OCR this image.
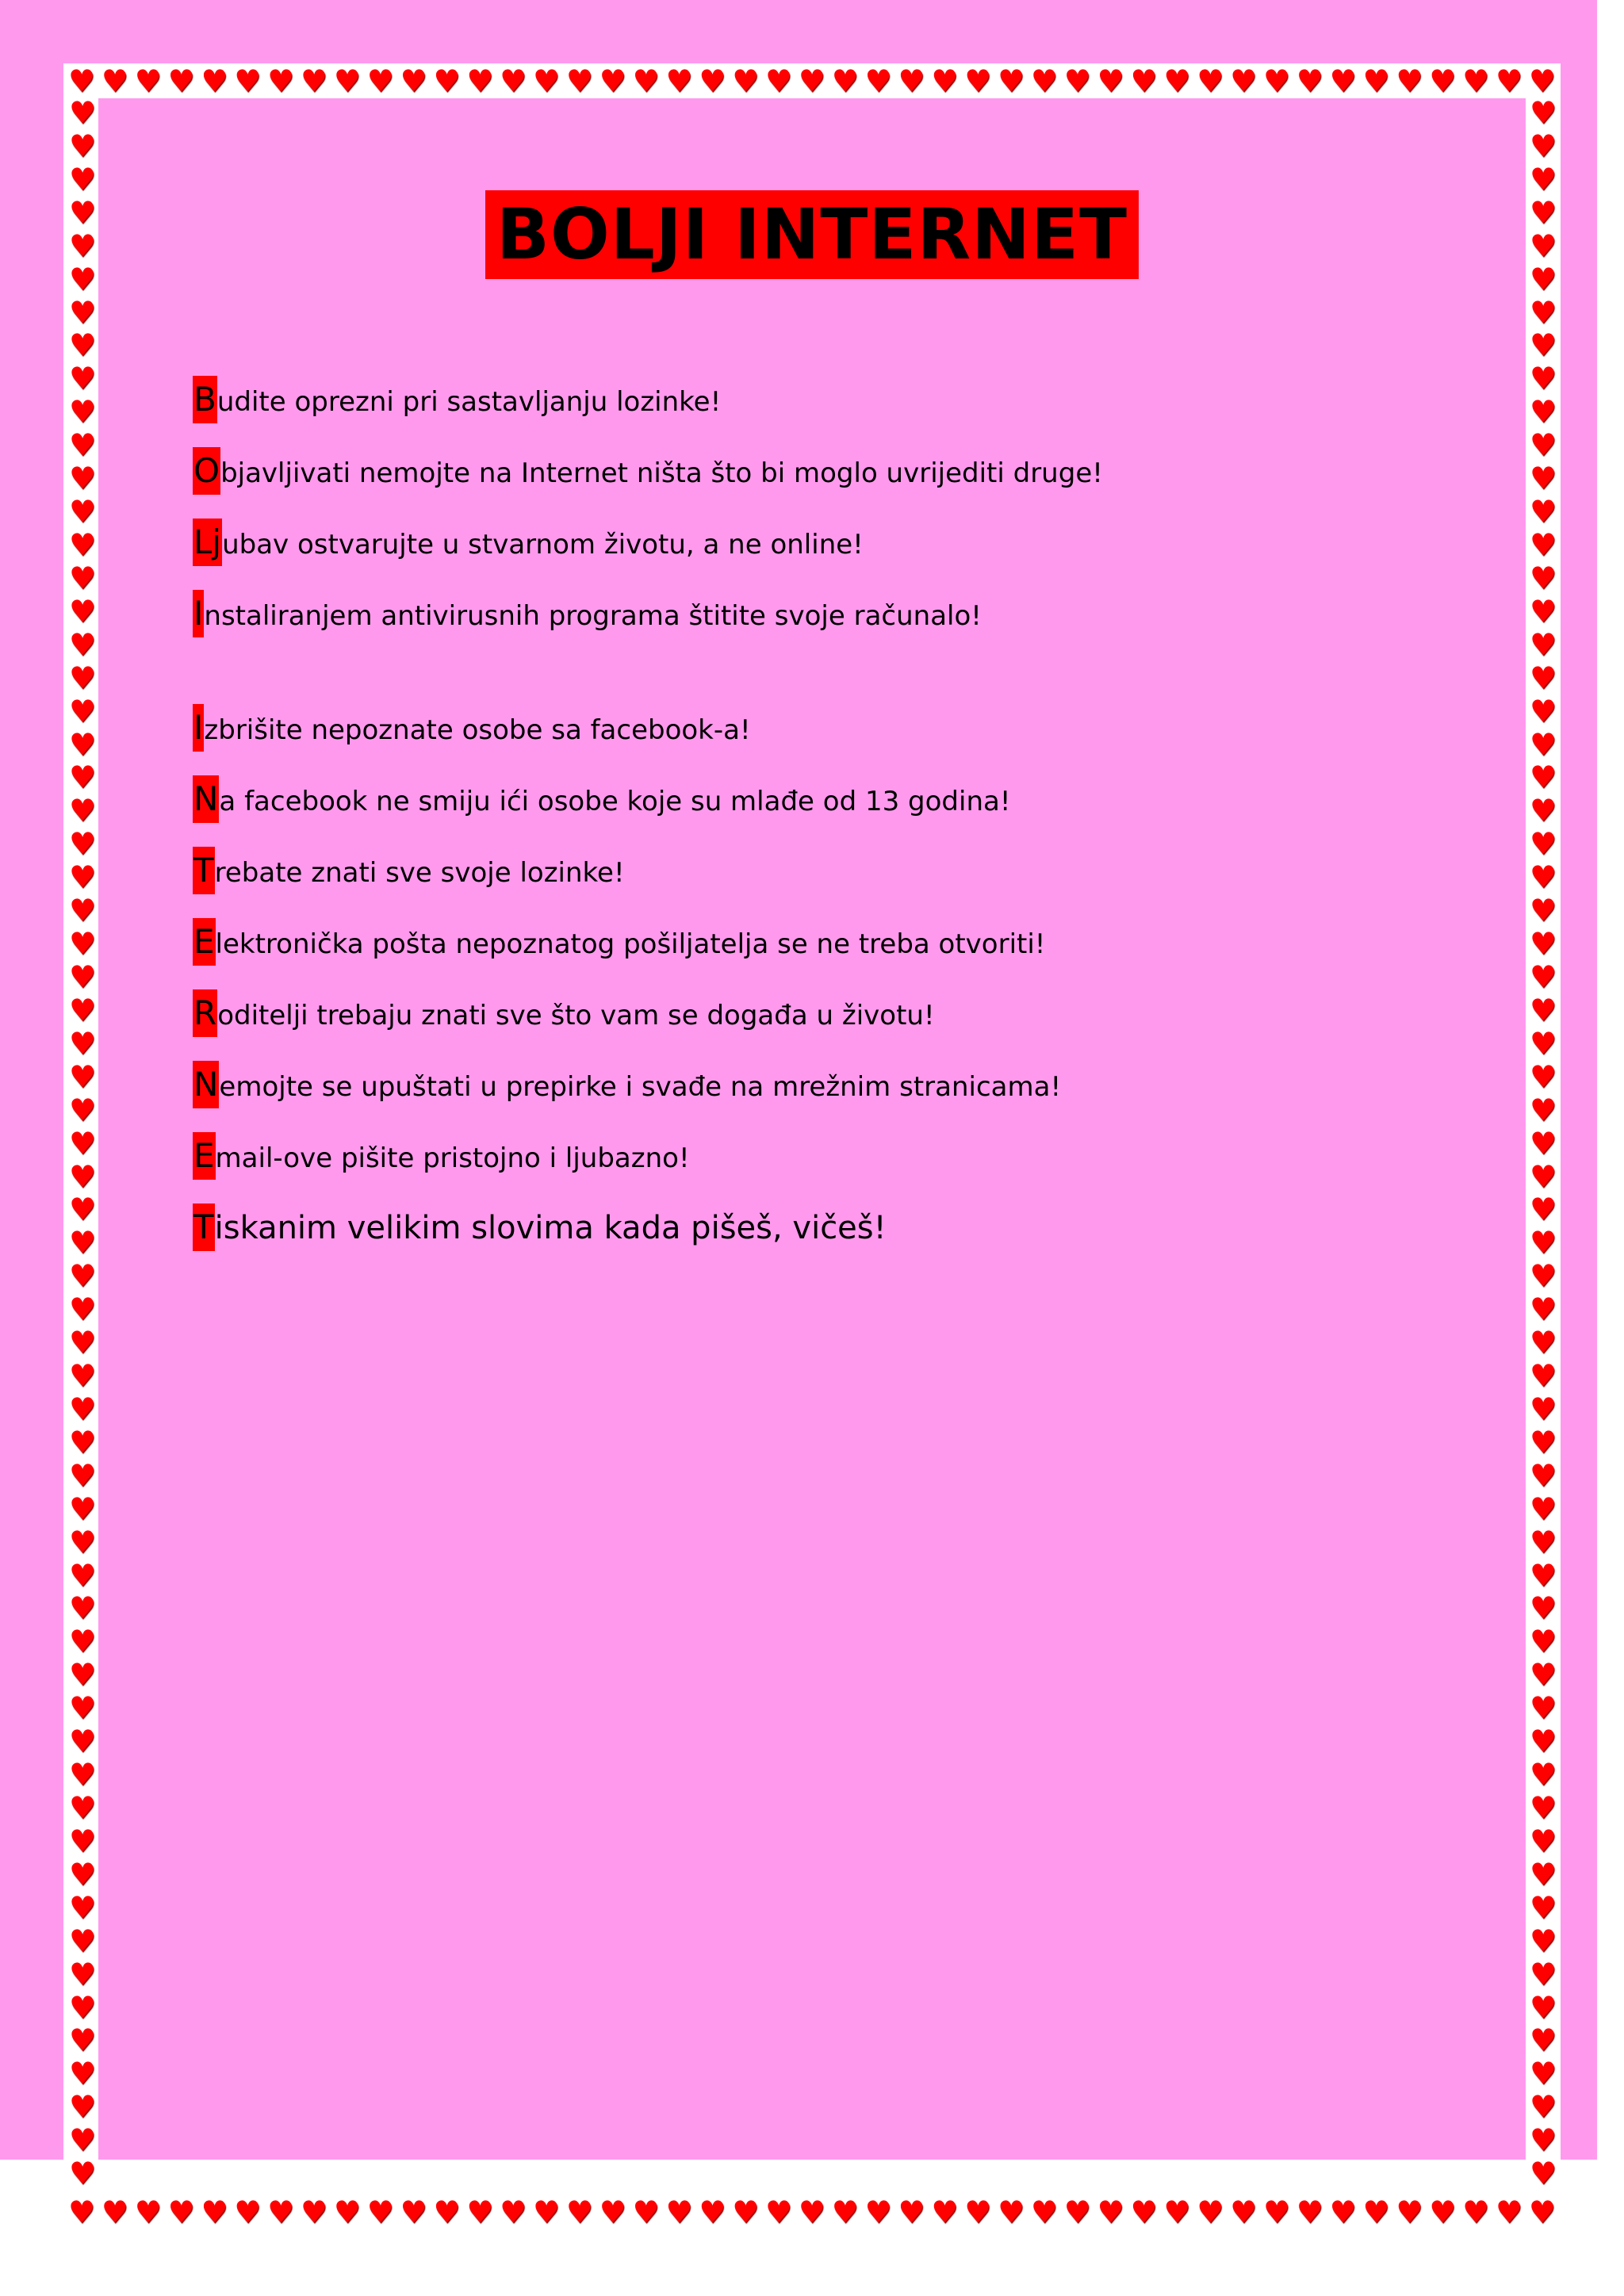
♥ ♥ ♥ ♥ ♥ ♥ ♥ ♥ ♥ ♥ ♥ ♥ ♥ ♥ ♥ ♥ ♥ ♥ ♥ ♥ ♥ ♥ ♥ ♥ ♥ ♥ ♥ ♥ ♥ ♥ ♥ ♥ ♥ ♥ ♥ ♥ ♥ ♥ ♥ ♥ ♥ ♥ ♥ ♥ ♥
♥ ♥ ♥ ♥ ♥ ♥ ♥ ♥ ♥ ♥ ♥ ♥ ♥ ♥ ♥ ♥ ♥ ♥ ♥ ♥ ♥ ♥ ♥ ♥ ♥ ♥ ♥ ♥ ♥ ♥ ♥ ♥ ♥ ♥ ♥ ♥ ♥ ♥ ♥ ♥ ♥ ♥ ♥ ♥ ♥
♥
♥
♥
♥
♥
♥
♥
♥
♥
♥
♥
♥
♥
♥
♥
♥
♥
♥
♥
♥
♥
♥
♥
♥
♥
♥
♥
♥
♥
♥
♥
♥
♥
♥
♥
♥
♥
♥
♥
♥
♥
♥
♥
♥
♥
♥
♥
♥
♥
♥
♥
♥
♥
♥
♥
♥
♥
♥
♥
♥
♥
♥
♥
♥
♥
♥
♥
♥
♥
♥
♥
♥
♥
♥
♥
♥
♥
♥
♥
♥
♥
♥
♥
♥
♥
♥
♥
♥
♥
♥
♥
♥
♥
♥
♥
♥
♥
♥
♥
♥
♥
♥
♥
♥
♥
♥
♥
♥
♥
♥
♥
♥
♥
♥
♥
♥
♥
♥
♥
♥
♥
♥
♥
♥
♥
♥
BOLJI INTERNET
Budite oprezni pri sastavljanju lozinke!
Objavljivati nemojte na Internet ništa što bi moglo uvrijediti druge!
Ljubav ostvarujte u stvarnom životu, a ne online!
Instaliranjem antivirusnih programa štitite svoje računalo!
Izbrišite nepoznate osobe sa facebook-a!
Na facebook ne smiju ići osobe koje su mlađe od 13 godina!
Trebate znati sve svoje lozinke!
Elektronička pošta nepoznatog pošiljatelja se ne treba otvoriti!
Roditelji trebaju znati sve što vam se događa u životu!
Nemojte se upuštati u prepirke i svađe na mrežnim stranicama!
Email-ove pišite pristojno i ljubazno!
Tiskanim velikim slovima kada pišeš, vičeš!
